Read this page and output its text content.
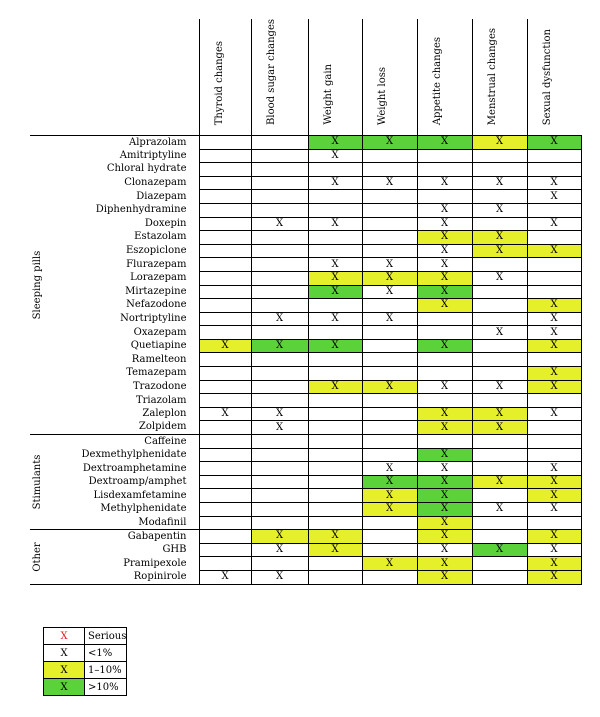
		Thyroid changes	Blood sugar changes	Weight gain	Weight loss	Appetite changes	Menstrual changes	Sexual dysfunction

Sleeping pills	Alprazolam			X	X	X	X	X
	Amitriptyline			X				
	Chloral hydrate							
	Clonazepam			X	X	X	X	X
	Diazepam							X
	Diphenhydramine					X	X	
	Doxepin		X	X		X		X
	Estazolam					X	X	
	Eszopiclone					X	X	X
	Flurazepam			X	X	X		
	Lorazepam			X	X	X	X	
	Mirtazepine			X	X	X		
	Nefazodone					X		X
	Nortriptyline		X	X	X			X
	Oxazepam						X	X
	Quetiapine	X	X	X		X		X
	Ramelteon							
	Temazepam							X
	Trazodone			X	X	X	X	X
	Triazolam							
	Zaleplon	X	X			X	X	X
	Zolpidem		X			X	X	

Stimulants	Caffeine							
	Dexmethylphenidate					X		
	Dextroamphetamine				X	X		X
	Dextroamp/amphet				X	X	X	X
	Lisdexamfetamine				X	X		X
	Methylphenidate				X	X	X	X
	Modafinil					X		

Other	Gabapentin		X	X		X		X
	GHB		X	X		X	X	X
	Pramipexole				X	X		X
	Ropinirole	X	X			X		X
X	Serious
X	<1%
X	1–10%
X	>10%
